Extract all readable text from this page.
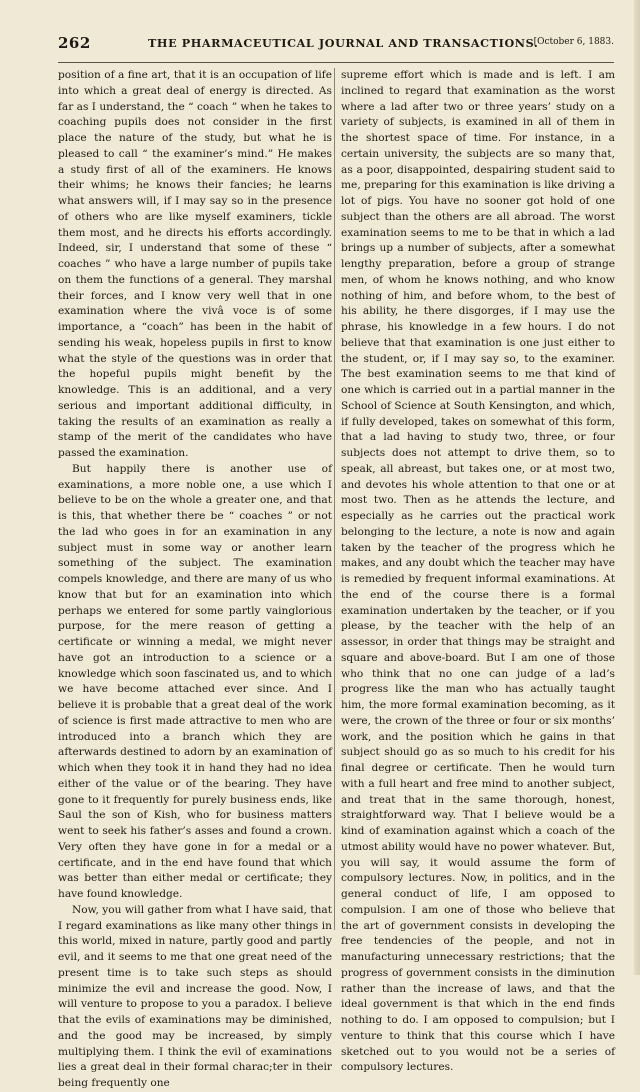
262	THE PHARMACEUTICAL JOURNAL AND TRANSACTIONS.
[October 6, 1883.

position of a fine art, that it is an occupation of life into which a great deal of energy is directed. As far as I understand, the “ coach ” when he takes to coaching pupils does not consider in the first place the nature of the study, but what he is pleased to call “ the examiner’s mind.” He makes a study first of all of the examiners. He knows their whims; he knows their fancies; he learns what answers will, if I may say so in the presence of others who are like myself examiners, tickle them most, and he directs his efforts accordingly. Indeed, sir, I understand that some of these “ coaches ” who have a large number of pupils take on them the functions of a general. They marshal their forces, and I know very well that in one examination where the vivâ voce is of some importance, a “coach” has been in the habit of sending his weak, hopeless pupils in first to know what the style of the questions was in order that the hopeful pupils might benefit by the knowledge. This is an additional, and a very serious and important additional difficulty, in taking the results of an examination as really a stamp of the merit of the candidates who have passed the examination.

But happily there is another use of examinations, a more noble one, a use which I believe to be on the whole a greater one, and that is this, that whether there be “ coaches ” or not the lad who goes in for an examination in any subject must in some way or another learn something of the subject. The examination compels knowledge, and there are many of us who know that but for an examination into which perhaps we entered for some partly vainglorious purpose, for the mere reason of getting a certificate or winning a medal, we might never have got an introduction to a science or a knowledge which soon fascinated us, and to which we have become attached ever since. And I believe it is probable that a great deal of the work of science is first made attractive to men who are introduced into a branch which they are afterwards destined to adorn by an examination of which when they took it in hand they had no idea either of the value or of the bearing. They have gone to it frequently for purely business ends, like Saul the son of Kish, who for business matters went to seek his father’s asses and found a crown. Very often they have gone in for a medal or a certificate, and in the end have found that which was better than either medal or certificate; they have found knowledge.

Now, you will gather from what I have said, that I regard examinations as like many other things in this world, mixed in nature, partly good and partly evil, and it seems to me that one great need of the present time is to take such steps as should minimize the evil and increase the good. Now, I will venture to propose to you a paradox. I believe that the evils of examinations may be diminished, and the good may be increased, by simply multiplying them. I think the evil of examinations lies a great deal in their formal charac;ter in their being frequently one

supreme effort which is made and is left. I am inclined to regard that examination as the worst where a lad after two or three years’ study on a variety of subjects, is examined in all of them in the shortest space of time. For instance, in a certain university, the subjects are so many that, as a poor, disappointed, despairing student said to me, preparing for this examination is like driving a lot of pigs. You have no sooner got hold of one subject than the others are all abroad. The worst examination seems to me to be that in which a lad brings up a number of subjects, after a somewhat lengthy preparation, before a group of strange men, of whom he knows nothing, and who know nothing of him, and before whom, to the best of his ability, he there disgorges, if I may use the phrase, his knowledge in a few hours. I do not believe that that examination is one just either to the student, or, if I may say so, to the examiner. The best examination seems to me that kind of one which is carried out in a partial manner in the School of Science at South Kensington, and which, if fully developed, takes on somewhat of this form, that a lad having to study two, three, or four subjects does not attempt to drive them, so to speak, all abreast, but takes one, or at most two, and devotes his whole attention to that one or at most two. Then as he attends the lecture, and especially as he carries out the practical work belonging to the lecture, a note is now and again taken by the teacher of the progress which he makes, and any doubt which the teacher may have is remedied by frequent informal examinations. At the end of the course there is a formal examination undertaken by the teacher, or if you please, by the teacher with the help of an assessor, in order that things may be straight and square and above-board. But I am one of those who think that no one can judge of a lad’s progress like the man who has actually taught him, the more formal examination becoming, as it were, the crown of the three or four or six months’ work, and the position which he gains in that subject should go as so much to his credit for his final degree or certificate. Then he would turn with a full heart and free mind to another subject, and treat that in the same thorough, honest, straightforward way. That I believe would be a kind of examination against which a coach of the utmost ability would have no power whatever. But, you will say, it would assume the form of compulsory lectures. Now, in politics, and in the general conduct of life, I am opposed to compulsion. I am one of those who believe that the art of government consists in developing the free tendencies of the people, and not in manufacturing unnecessary restrictions; that the progress of government consists in the diminution rather than the increase of laws, and that the ideal government is that which in the end finds nothing to do. I am opposed to compulsion; but I venture to think that this course which I have sketched out to you would not be a series of compulsory lectures.
